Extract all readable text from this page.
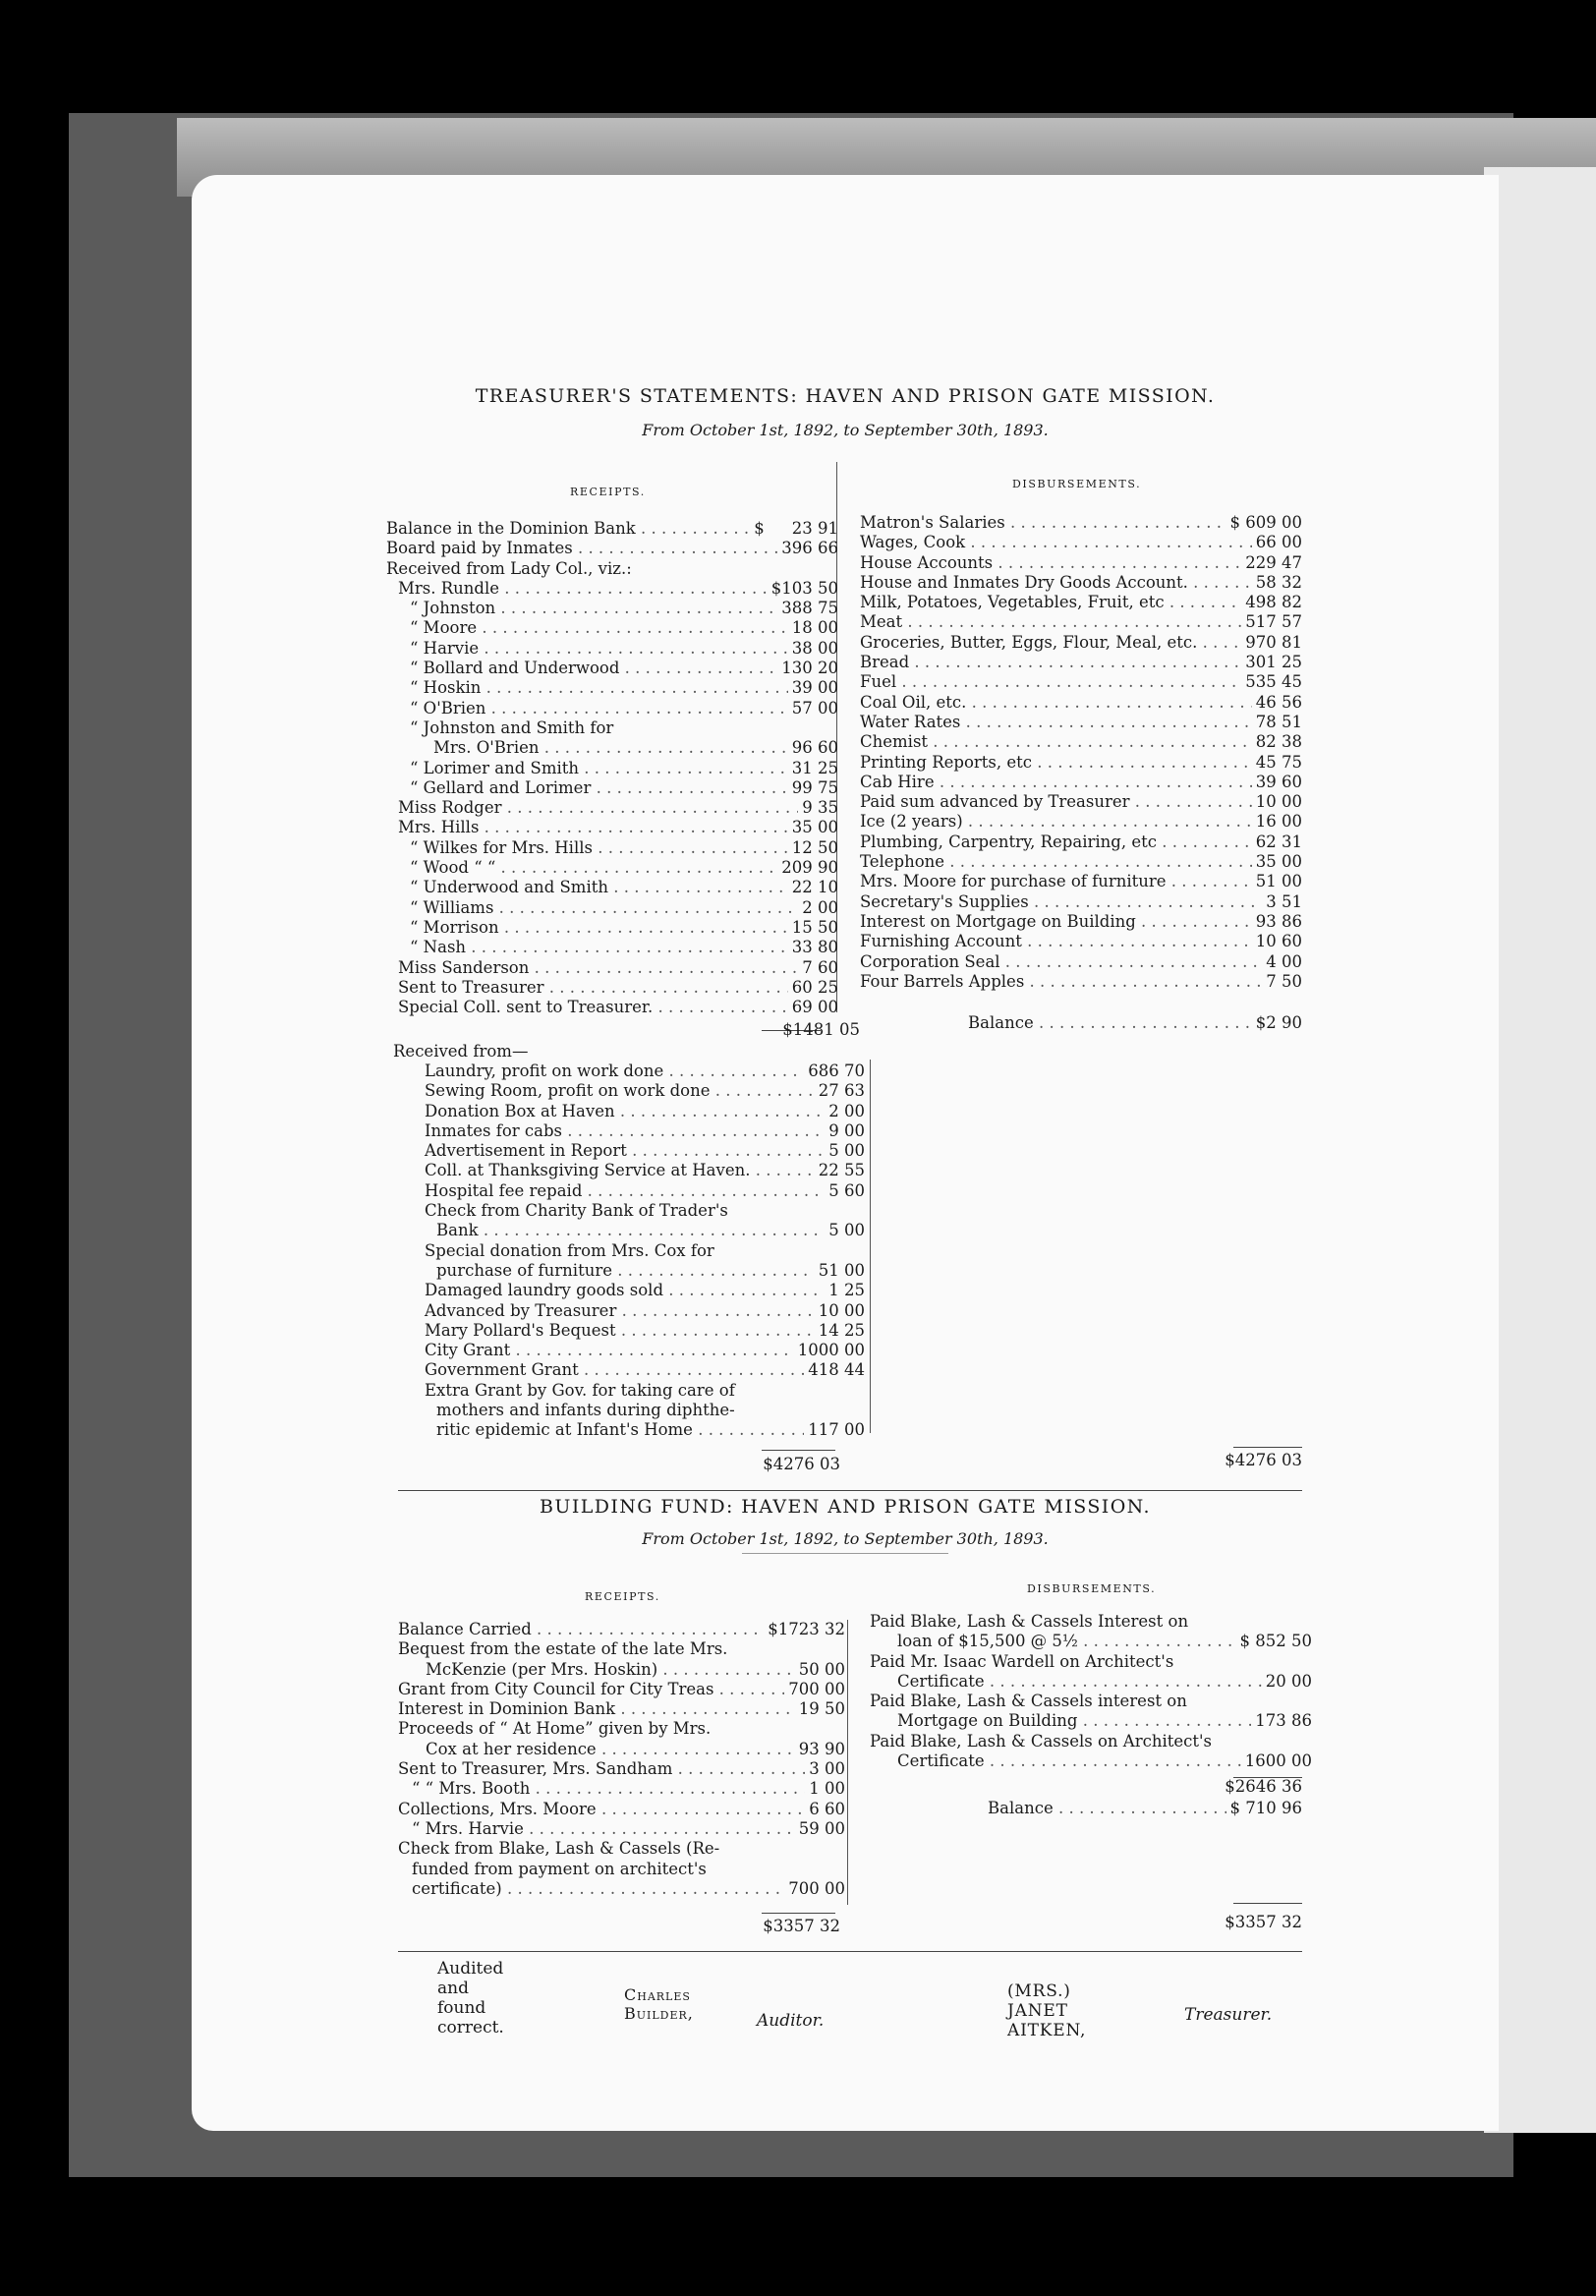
TREASURER'S STATEMENTS: HAVEN AND PRISON GATE MISSION.
From October 1st, 1892, to September 30th, 1893.
RECEIPTS.
DISBURSEMENTS.
Balance in the Dominion Bank . . .	$	23 91
Board paid by Inmates . . .	396 66
Received from Lady Col., viz.:
Mrs. Rundle . . .	$103 50
“ Johnston . . .	388 75
“ Moore . . .	18 00
“ Harvie . . .	38 00
“ Bollard and Underwood . . .	130 20
“ Hoskin . . .	39 00
“ O'Brien . . .	57 00
“ Johnston and Smith for
Mrs. O'Brien . . .	96 60
“ Lorimer and Smith . . .	31 25
“ Gellard and Lorimer . . .	99 75
Miss Rodger . . .	9 35
Mrs. Hills . . .	35 00
“ Wilkes for Mrs. Hills . . .	12 50
“ Wood “ “ . . .	209 90
“ Underwood and Smith . . .	22 10
“ Williams . . .	2 00
“ Morrison . . .	15 50
“ Nash . . .	33 80
Miss Sanderson . . .	7 60
Sent to Treasurer . . .	60 25
Special Coll. sent to Treasurer. . . .	69 00
$1481 05
Received from—
Laundry, profit on work done . . .	686 70
Sewing Room, profit on work done . . .	27 63
Donation Box at Haven . . .	2 00
Inmates for cabs . . .	9 00
Advertisement in Report . . .	5 00
Coll. at Thanksgiving Service at Haven. . . .	22 55
Hospital fee repaid . . .	5 60
Check from Charity Bank of Trader's
Bank . . .	5 00
Special donation from Mrs. Cox for
purchase of furniture . . .	51 00
Damaged laundry goods sold . . .	1 25
Advanced by Treasurer . . .	10 00
Mary Pollard's Bequest . . .	14 25
City Grant . . .	1000 00
Government Grant . . .	418 44
Extra Grant by Gov. for taking care of
mothers and infants during diphthe-
ritic epidemic at Infant's Home . . .	117 00
$4276 03
Matron's Salaries . . .	$ 609 00
Wages, Cook . . .	66 00
House Accounts . . .	229 47
House and Inmates Dry Goods Account. . . .	58 32
Milk, Potatoes, Vegetables, Fruit, etc . . .	498 82
Meat . . .	517 57
Groceries, Butter, Eggs, Flour, Meal, etc. . . .	970 81
Bread . . .	301 25
Fuel . . .	535 45
Coal Oil, etc. . . .	46 56
Water Rates . . .	78 51
Chemist . . .	82 38
Printing Reports, etc . . .	45 75
Cab Hire . . .	39 60
Paid sum advanced by Treasurer . . .	10 00
Ice (2 years) . . .	16 00
Plumbing, Carpentry, Repairing, etc . . .	62 31
Telephone . . .	35 00
Mrs. Moore for purchase of furniture . . .	51 00
Secretary's Supplies . . .	3 51
Interest on Mortgage on Building . . .	93 86
Furnishing Account . . .	10 60
Corporation Seal . . .	4 00
Four Barrels Apples . . .	7 50
Balance . . .	$2 90
$4276 03
BUILDING FUND: HAVEN AND PRISON GATE MISSION.
From October 1st, 1892, to September 30th, 1893.
RECEIPTS.
DISBURSEMENTS.
Balance Carried . . .	$1723 32
Bequest from the estate of the late Mrs.
McKenzie (per Mrs. Hoskin) . . .	50 00
Grant from City Council for City Treas . . .	700 00
Interest in Dominion Bank . . .	19 50
Proceeds of “ At Home” given by Mrs.
Cox at her residence . . .	93 90
Sent to Treasurer, Mrs. Sandham . . .	3 00
“ “ Mrs. Booth . . .	1 00
Collections, Mrs. Moore . . .	6 60
“ Mrs. Harvie . . .	59 00
Check from Blake, Lash & Cassels (Re-
funded from payment on architect's
certificate) . . .	700 00
$3357 32
Paid Blake, Lash & Cassels Interest on
loan of $15,500 @ 5½ . . .	$ 852 50
Paid Mr. Isaac Wardell on Architect's
Certificate . . .	20 00
Paid Blake, Lash & Cassels interest on
Mortgage on Building . . .	173 86
Paid Blake, Lash & Cassels on Architect's
Certificate . . .	1600 00
$2646 36
Balance . . .	$ 710 96
$3357 32
Audited and found correct.
Charles Builder,	Auditor.
(MRS.) JANET AITKEN,
Treasurer.
